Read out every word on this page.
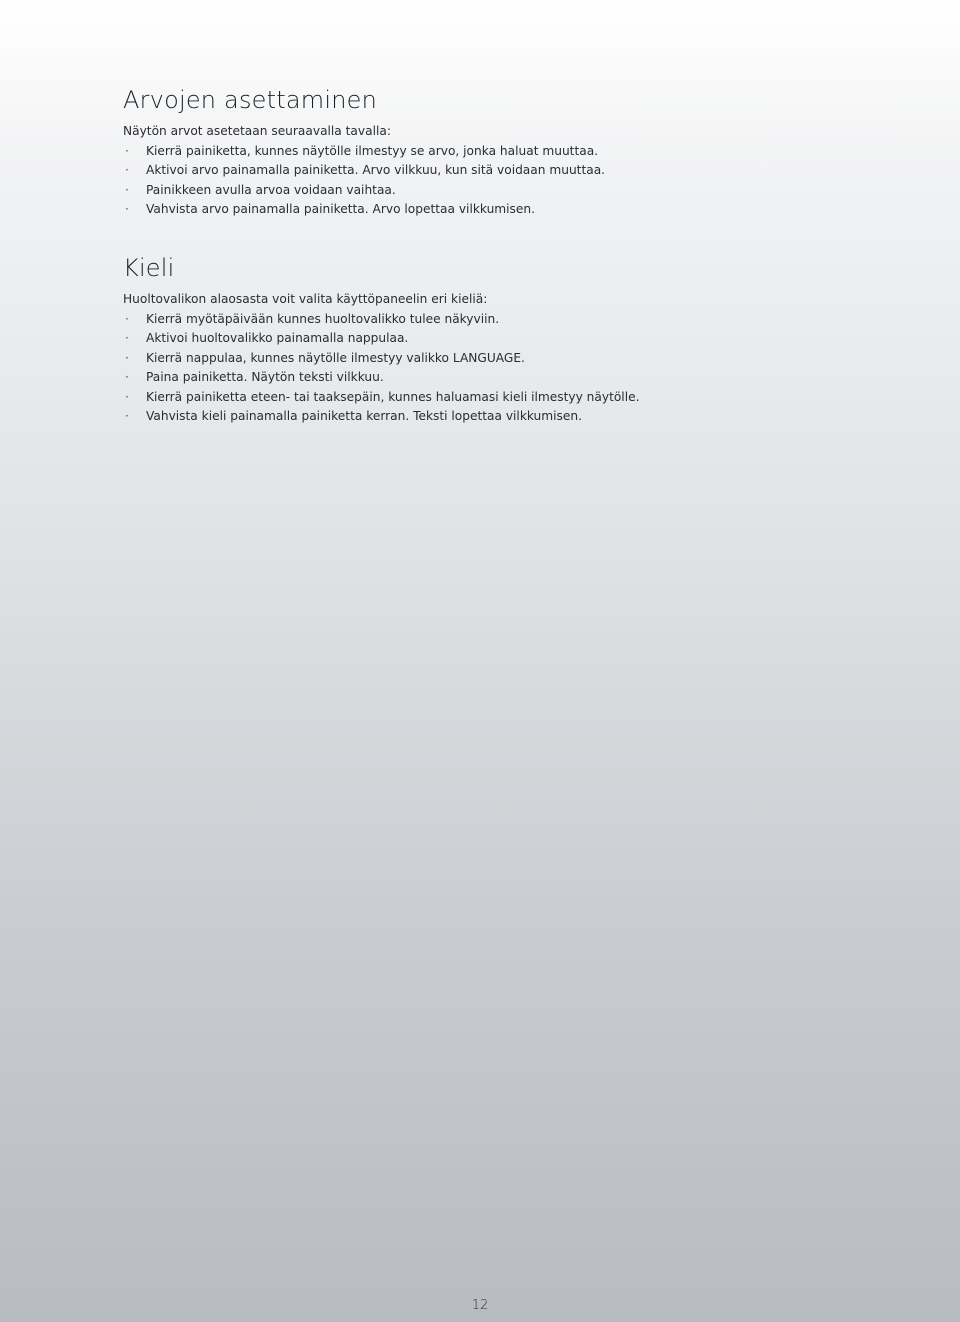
Arvojen asettaminen

Näytön arvot asetetaan seuraavalla tavalla:

· Kierrä painiketta, kunnes näytölle ilmestyy se arvo, jonka haluat muuttaa.
· Aktivoi arvo painamalla painiketta. Arvo vilkkuu, kun sitä voidaan muuttaa.
· Painikkeen avulla arvoa voidaan vaihtaa.
· Vahvista arvo painamalla painiketta. Arvo lopettaa vilkkumisen.
Kieli

Huoltovalikon alaosasta voit valita käyttöpaneelin eri kieliä:

· Kierrä myötäpäivään kunnes huoltovalikko tulee näkyviin.
· Aktivoi huoltovalikko painamalla nappulaa.
· Kierrä nappulaa, kunnes näytölle ilmestyy valikko LANGUAGE.
· Paina painiketta. Näytön teksti vilkkuu.
· Kierrä painiketta eteen- tai taaksepäin, kunnes haluamasi kieli ilmestyy näytölle.
· Vahvista kieli painamalla painiketta kerran. Teksti lopettaa vilkkumisen.
12
